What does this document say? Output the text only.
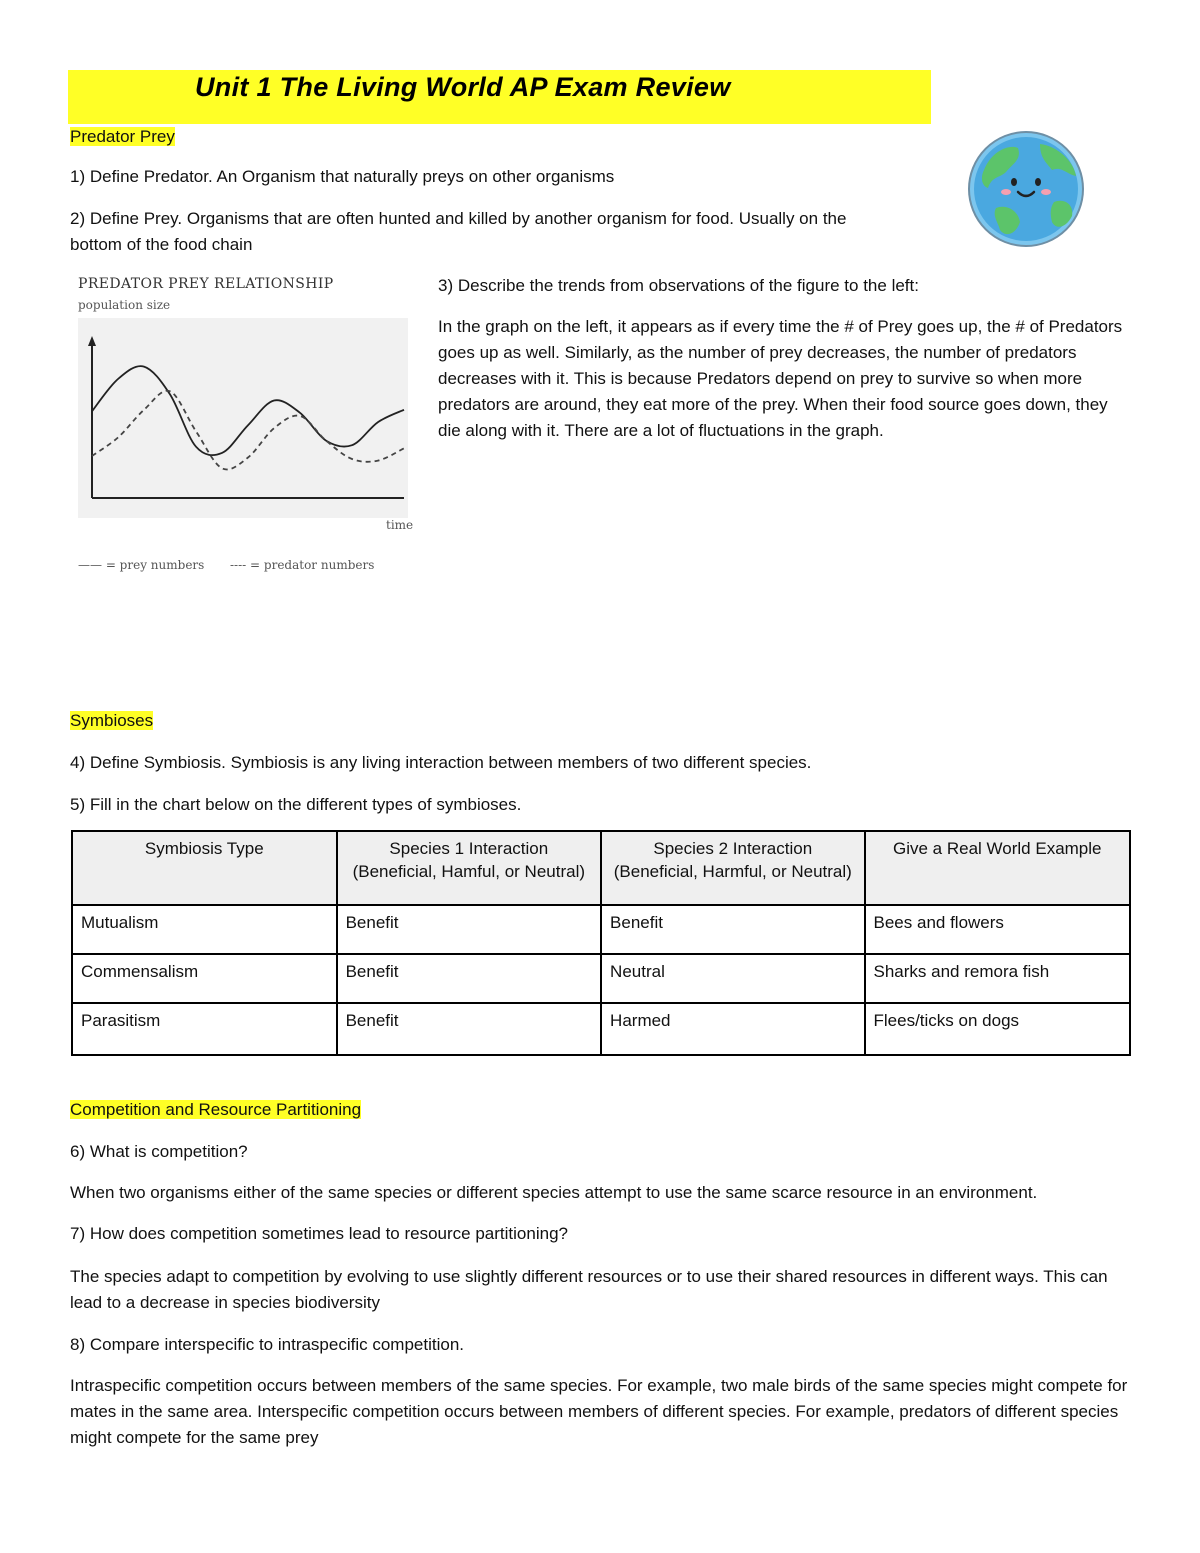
Unit 1 The Living World AP Exam Review
Predator Prey
1) Define Predator. An Organism that naturally preys on other organisms
2) Define Prey. Organisms that are often hunted and killed by another organism for food. Usually on the
bottom of the food chain
PREDATOR PREY RELATIONSHIP
population size
time
—— = prey numbers ---- = predator numbers
3) Describe the trends from observations of the figure to the left:
In the graph on the left, it appears as if every time the # of Prey goes up, the # of Predators goes up as well. Similarly, as the number of prey decreases, the number of predators decreases with it. This is because Predators depend on prey to survive so when more predators are around, they eat more of the prey. When their food source goes down, they die along with it. There are a lot of fluctuations in the graph.
Symbioses
4) Define Symbiosis. Symbiosis is any living interaction between members of two different species.
5) Fill in the chart below on the different types of symbioses.
Symbiosis Type	Species 1 Interaction (Beneficial, Hamful, or Neutral)	Species 2 Interaction (Beneficial, Harmful, or Neutral)	Give a Real World Example
Mutualism	Benefit	Benefit	Bees and flowers
Commensalism	Benefit	Neutral	Sharks and remora fish
Parasitism	Benefit	Harmed	Flees/ticks on dogs
Competition and Resource Partitioning
6) What is competition?
When two organisms either of the same species or different species attempt to use the same scarce resource in an environment.
7) How does competition sometimes lead to resource partitioning?
The species adapt to competition by evolving to use slightly different resources or to use their shared resources in different ways. This can lead to a decrease in species biodiversity
8) Compare interspecific to intraspecific competition.
Intraspecific competition occurs between members of the same species. For example, two male birds of the same species might compete for mates in the same area. Interspecific competition occurs between members of different species. For example, predators of different species might compete for the same prey
